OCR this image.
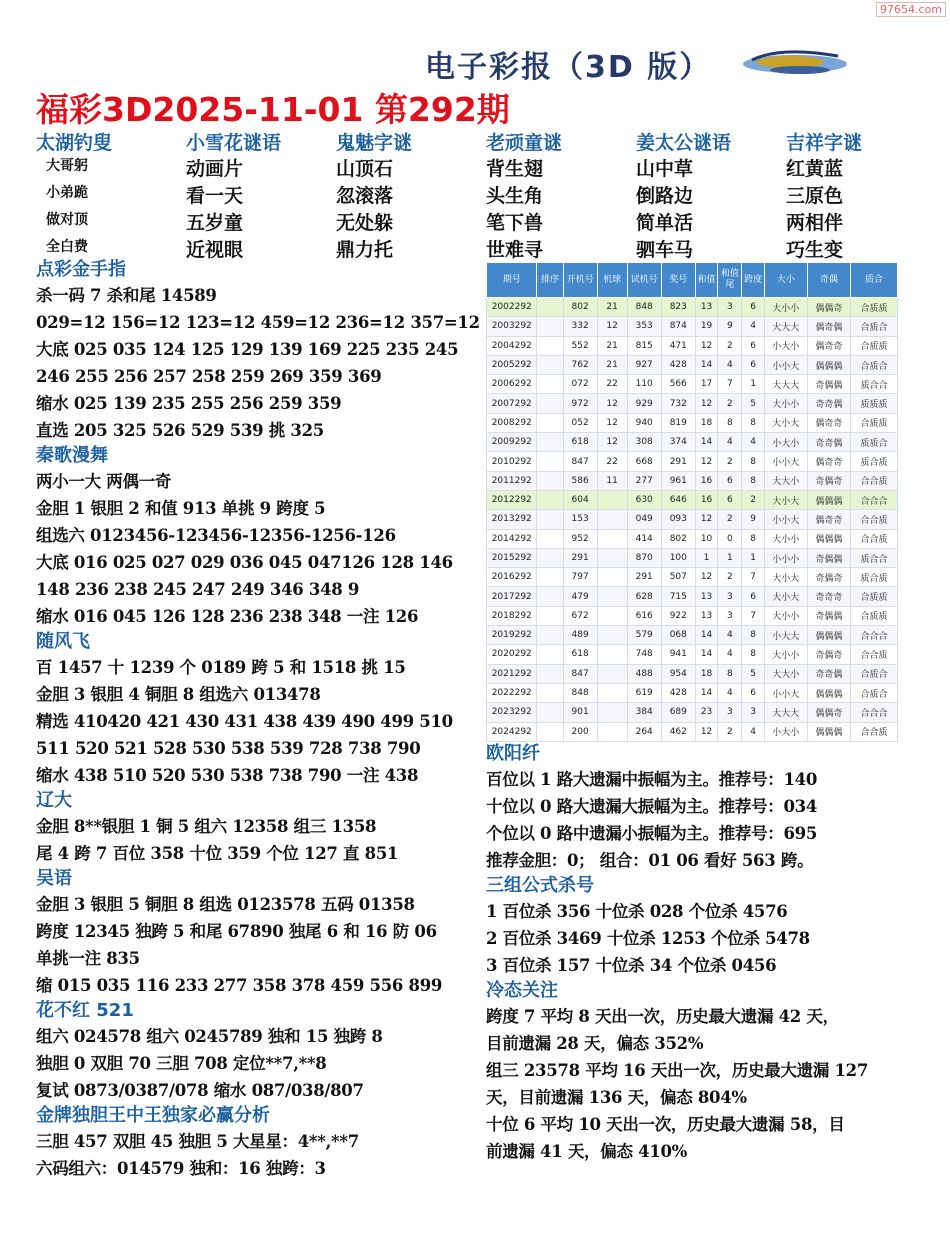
97654.com
电子彩报（3D 版）
福彩3D2025-11-01 第292期
太湖钓叟
大哥躬
小弟跪
做对顶
全白费
小雪花谜语
动画片
看一天
五岁童
近视眼
鬼魅字谜
山顶石
忽滚落
无处躲
鼎力托
老顽童谜
背生翅
头生角
笔下兽
世难寻
姜太公谜语
山中草
倒路边
简单活
驷车马
吉祥字谜
红黄蓝
三原色
两相伴
巧生变
点彩金手指
杀一码 7 杀和尾 14589
029=12 156=12 123=12 459=12 236=12 357=12
大底 025 035 124 125 129 139 169 225 235 245
246 255 256 257 258 259 269 359 369
缩水 025 139 235 255 256 259 359
直选 205 325 526 529 539 挑 325
秦歌漫舞
两小一大 两偶一奇
金胆 1 银胆 2 和值 913 单挑 9 跨度 5
组选六 0123456-123456-12356-1256-126
大底 016 025 027 029 036 045 047126 128 146
148 236 238 245 247 249 346 348 9
缩水 016 045 126 128 236 238 348 一注 126
随风飞
百 1457 十 1239 个 0189 跨 5 和 1518 挑 15
金胆 3 银胆 4 铜胆 8 组选六 013478
精选 410420 421 430 431 438 439 490 499 510
511 520 521 528 530 538 539 728 738 790
缩水 438 510 520 530 538 738 790 一注 438
辽大
金胆 8**银胆 1 铜 5 组六 12358 组三 1358
尾 4 跨 7 百位 358 十位 359 个位 127 直 851
吴语
金胆 3 银胆 5 铜胆 8 组选 0123578 五码 01358
跨度 12345 独跨 5 和尾 67890 独尾 6 和 16 防 06
单挑一注 835
缩 015 035 116 233 277 358 378 459 556 899
花不红 521
组六 024578 组六 0245789 独和 15 独跨 8
独胆 0 双胆 70 三胆 708 定位**7,**8
复试 0873/0387/078 缩水 087/038/807
金牌独胆王中王独家必赢分析
三胆 457 双胆 45 独胆 5 大星星：4**,**7
六码组六：014579 独和：16 独跨：3
期号	排序	开机号	机球	试机号	奖号	和值	和值尾	跨度	大小	奇偶	质合
2002292		802	21	848	823	13	3	6	大小小	偶偶奇	合质质
2003292		332	12	353	874	19	9	4	大大大	偶奇偶	合质合
2004292		552	21	815	471	12	2	6	小大小	偶奇奇	合质质
2005292		762	21	927	428	14	4	6	小小大	偶偶偶	合质合
2006292		072	22	110	566	17	7	1	大大大	奇偶偶	质合合
2007292		972	12	929	732	12	2	5	大小小	奇奇偶	质质质
2008292		052	12	940	819	18	8	8	大小大	偶奇奇	合质质
2009292		618	12	308	374	14	4	4	小大小	奇奇偶	质质合
2010292		847	22	668	291	12	2	8	小小大	偶奇奇	质合质
2011292		586	11	277	961	16	6	8	大大小	奇偶奇	合合质
2012292		604		630	646	16	6	2	大小大	偶偶偶	合合合
2013292		153		049	093	12	2	9	小小大	偶奇奇	合合质
2014292		952		414	802	10	0	8	大小小	偶偶偶	合合质
2015292		291		870	100	1	1	1	小小小	奇偶偶	质合合
2016292		797		291	507	12	2	7	大小大	奇偶奇	质合质
2017292		479		628	715	13	3	6	大小大	奇奇奇	合质质
2018292		672		616	922	13	3	7	大小小	奇偶偶	合质质
2019292		489		579	068	14	4	8	小大大	偶偶偶	合合合
2020292		618		748	941	14	4	8	大小小	奇偶奇	合合质
2021292		847		488	954	18	8	5	大大小	奇奇偶	合质合
2022292		848		619	428	14	4	6	小小大	偶偶偶	合质合
2023292		901		384	689	23	3	3	大大大	偶偶奇	合合合
2024292		200		264	462	12	2	4	小大小	偶偶偶	合合质
欧阳纤
百位以 1 路大遗漏中振幅为主。推荐号：140
十位以 0 路大遗漏大振幅为主。推荐号：034
个位以 0 路中遗漏小振幅为主。推荐号：695
推荐金胆：0； 组合：01 06 看好 563 跨。
三组公式杀号
1 百位杀 356 十位杀 028 个位杀 4576
2 百位杀 3469 十位杀 1253 个位杀 5478
3 百位杀 157 十位杀 34 个位杀 0456
冷态关注
跨度 7 平均 8 天出一次，历史最大遗漏 42 天，
目前遗漏 28 天，偏态 352%
组三 23578 平均 16 天出一次，历史最大遗漏 127
天，目前遗漏 136 天，偏态 804%
十位 6 平均 10 天出一次，历史最大遗漏 58，目
前遗漏 41 天，偏态 410%
